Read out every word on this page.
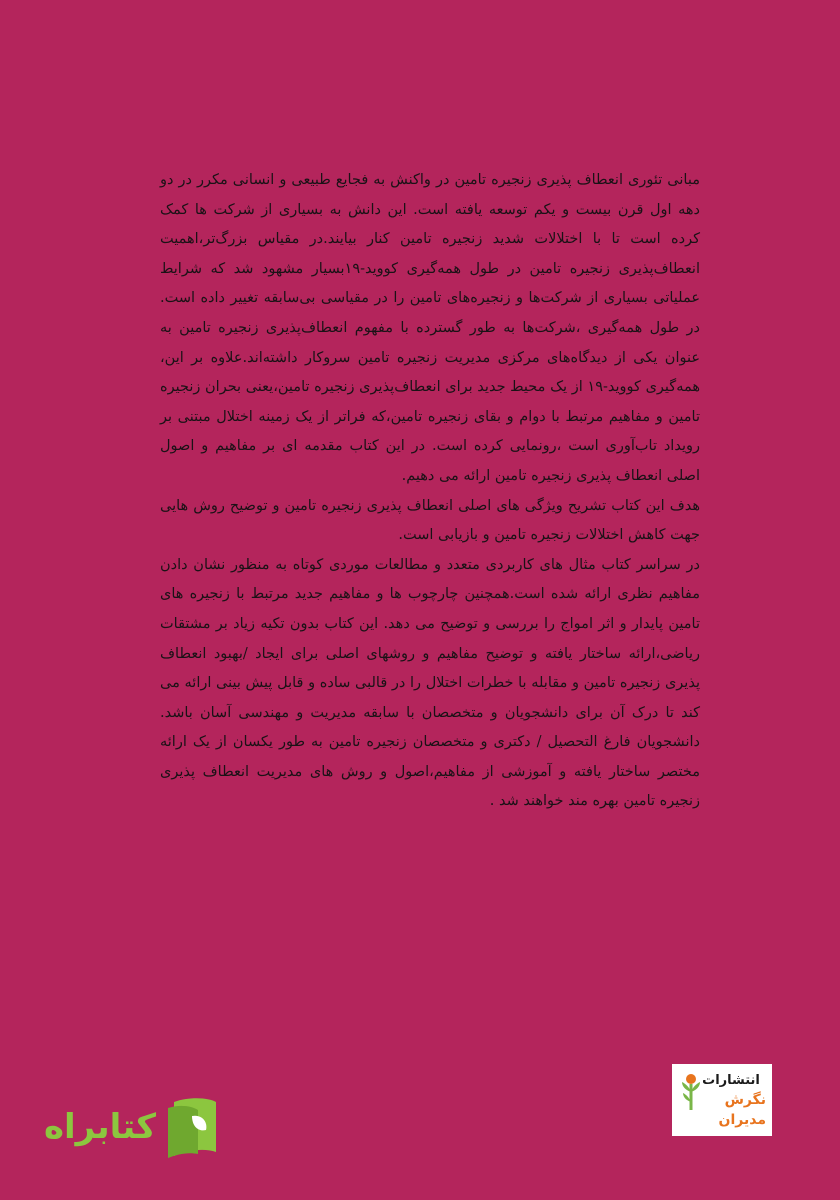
مبانی تئوری انعطاف پذیری زنجیره تامین در واکنش به فجایع طبیعی و انسانی مکرر در دو دهه اول قرن بیست و یکم توسعه یافته است. این دانش به بسیاری از شرکت ها کمک کرده است تا با اختلالات شدید زنجیره تامین کنار بیایند.در مقیاس بزرگ‌تر،اهمیت انعطاف‌پذیری زنجیره تامین در طول همه‌گیری کووید-۱۹بسیار مشهود شد که شرایط عملیاتی بسیاری از شرکت‌ها و زنجیره‌های تامین را در مقیاسی بی‌سابقه تغییر داده است. در طول همه‌گیری ،شرکت‌ها به طور گسترده با مفهوم انعطاف‌پذیری زنجیره تامین به عنوان یکی از دیدگاه‌های مرکزی مدیریت زنجیره تامین سروکار داشته‌اند.علاوه بر این، همه‌گیری کووید-۱۹ از یک محیط جدید برای انعطاف‌پذیری زنجیره تامین،یعنی بحران زنجیره تامین و مفاهیم مرتبط با دوام و بقای زنجیره تامین،که فراتر از یک زمینه اختلال مبتنی بر رویداد تاب‌آوری است ،رونمایی کرده است. در این کتاب مقدمه ای بر مفاهیم و اصول اصلی انعطاف پذیری زنجیره تامین ارائه می دهیم.

هدف این کتاب تشریح ویژگی های اصلی انعطاف پذیری زنجیره تامین و توضیح روش هایی جهت کاهش اختلالات زنجیره تامین و بازیابی است.

در سراسر کتاب مثال های کاربردی متعدد و مطالعات موردی کوتاه به منظور نشان دادن مفاهیم نظری ارائه شده است.همچنین چارچوب ها و مفاهیم جدید مرتبط با زنجیره های تامین پایدار و اثر امواج را بررسی و توضیح می دهد. این کتاب بدون تکیه زیاد بر مشتقات ریاضی،ارائه ساختار یافته و توضیح مفاهیم و روشهای اصلی برای ایجاد /بهبود انعطاف پذیری زنجیره تامین و مقابله با خطرات اختلال را در قالبی ساده و قابل پیش بینی ارائه می کند تا درک آن برای دانشجویان و متخصصان با سابقه مدیریت و مهندسی آسان باشد. دانشجویان فارغ التحصیل / دکتری و متخصصان زنجیره تامین به طور یکسان از یک ارائه مختصر ساختار یافته و آموزشی از مفاهیم،اصول و روش های مدیریت انعطاف پذیری زنجیره تامین بهره مند خواهند شد .

انتشارات
نگرش مدیران
کتابراه
